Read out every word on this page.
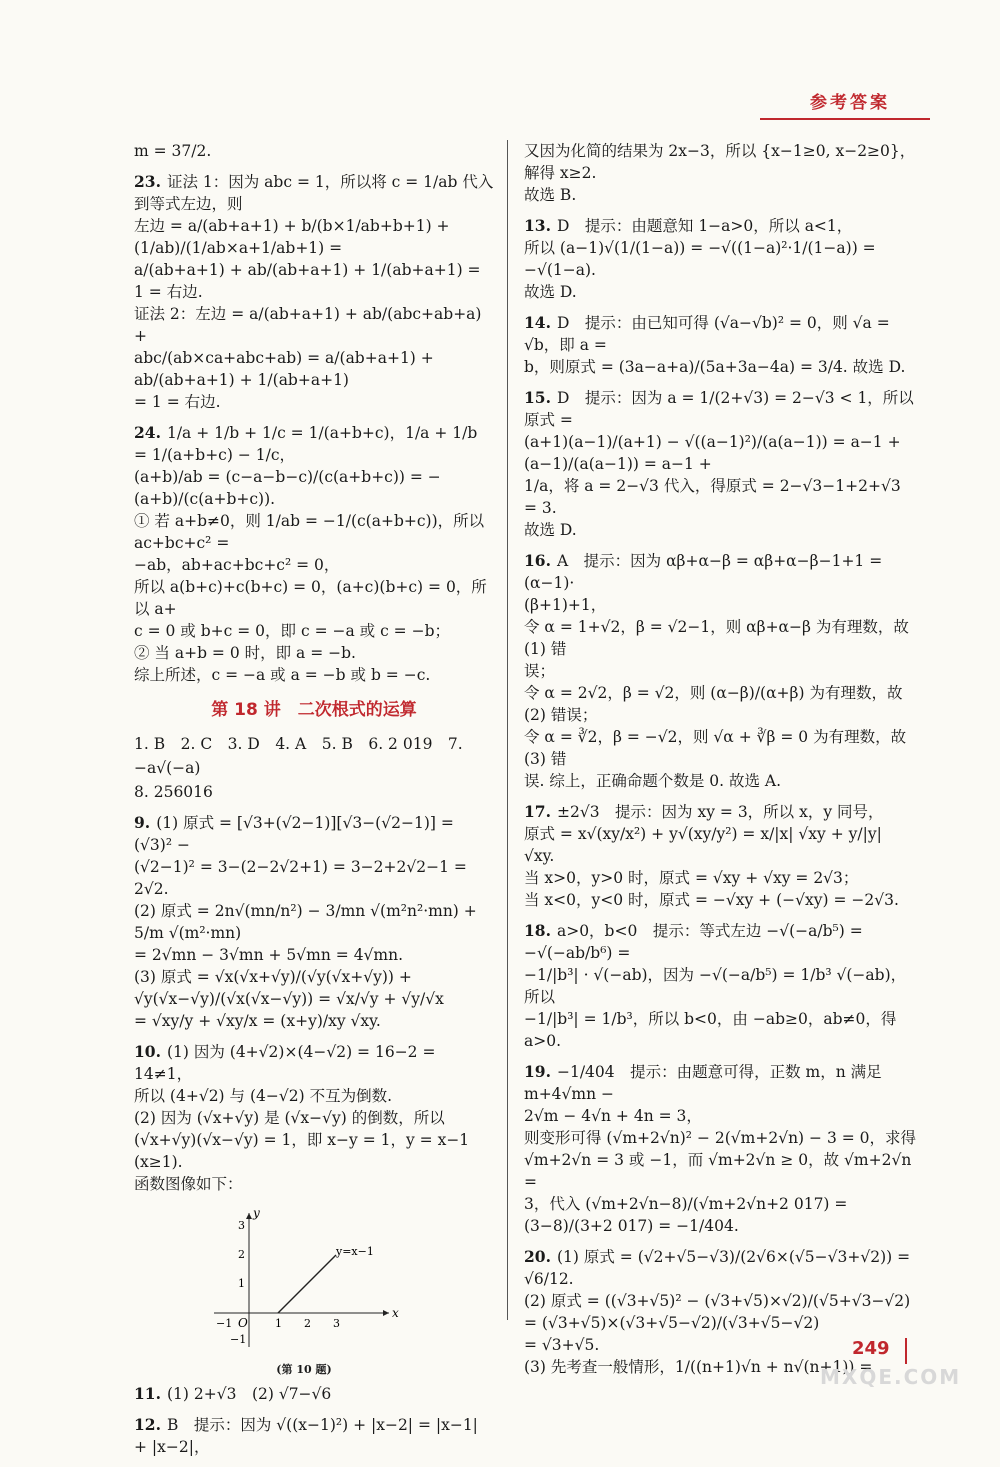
参考答案
m = 37/2.
23. 证法 1：因为 abc = 1，所以将 c = 1/ab 代入到等式左边，则
左边 = a/(ab+a+1) + b/(b×1/ab+b+1) + (1/ab)/(1/ab×a+1/ab+1) =
a/(ab+a+1) + ab/(ab+a+1) + 1/(ab+a+1) = 1 = 右边.
证法 2：左边 = a/(ab+a+1) + ab/(abc+ab+a) +
abc/(ab×ca+abc+ab) = a/(ab+a+1) + ab/(ab+a+1) + 1/(ab+a+1)
= 1 = 右边.
24. 1/a + 1/b + 1/c = 1/(a+b+c)，1/a + 1/b = 1/(a+b+c) − 1/c，
(a+b)/ab = (c−a−b−c)/(c(a+b+c)) = −(a+b)/(c(a+b+c)).
① 若 a+b≠0，则 1/ab = −1/(c(a+b+c))，所以 ac+bc+c² =
−ab，ab+ac+bc+c² = 0，
所以 a(b+c)+c(b+c) = 0，(a+c)(b+c) = 0，所以 a+
c = 0 或 b+c = 0，即 c = −a 或 c = −b；
② 当 a+b = 0 时，即 a = −b.
综上所述，c = −a 或 a = −b 或 b = −c.
第 18 讲　二次根式的运算
1. B　2. C　3. D　4. A　5. B　6. 2 019　7. −a√(−a)
8. 256016
9. (1) 原式 = [√3+(√2−1)][√3−(√2−1)] = (√3)² −
(√2−1)² = 3−(2−2√2+1) = 3−2+2√2−1 = 2√2.
(2) 原式 = 2n√(mn/n²) − 3/mn √(m²n²·mn) + 5/m √(m²·mn)
= 2√mn − 3√mn + 5√mn = 4√mn.
(3) 原式 = √x(√x+√y)/(√y(√x+√y)) + √y(√x−√y)/(√x(√x−√y)) = √x/√y + √y/√x
= √xy/y + √xy/x = (x+y)/xy √xy.
10. (1) 因为 (4+√2)×(4−√2) = 16−2 = 14≠1，
所以 (4+√2) 与 (4−√2) 不互为倒数.
(2) 因为 (√x+√y) 是 (√x−√y) 的倒数，所以
(√x+√y)(√x−√y) = 1，即 x−y = 1，y = x−1 (x≥1).
函数图像如下：
x
y
O
y=x−1
−1	1 2 3
1
2
3
−1
(第 10 题)
11. (1) 2+√3　(2) √7−√6
12. B　提示：因为 √((x−1)²) + |x−2| = |x−1| + |x−2|，
又因为化简的结果为 2x−3，所以 {x−1≥0, x−2≥0}，解得 x≥2.
故选 B.
13. D　提示：由题意知 1−a>0，所以 a<1，
所以 (a−1)√(1/(1−a)) = −√((1−a)²·1/(1−a)) = −√(1−a).
故选 D.
14. D　提示：由已知可得 (√a−√b)² = 0，则 √a = √b，即 a =
b，则原式 = (3a−a+a)/(5a+3a−4a) = 3/4. 故选 D.
15. D　提示：因为 a = 1/(2+√3) = 2−√3 < 1，所以原式 =
(a+1)(a−1)/(a+1) − √((a−1)²)/(a(a−1)) = a−1 + (a−1)/(a(a−1)) = a−1 +
1/a，将 a = 2−√3 代入，得原式 = 2−√3−1+2+√3 = 3.
故选 D.
16. A　提示：因为 αβ+α−β = αβ+α−β−1+1 = (α−1)·
(β+1)+1，
令 α = 1+√2，β = √2−1，则 αβ+α−β 为有理数，故 (1) 错
误；
令 α = 2√2，β = √2，则 (α−β)/(α+β) 为有理数，故 (2) 错误；
令 α = ∛2，β = −√2，则 √α + ∛β = 0 为有理数，故 (3) 错
误. 综上，正确命题个数是 0. 故选 A.
17. ±2√3　提示：因为 xy = 3，所以 x，y 同号，
原式 = x√(xy/x²) + y√(xy/y²) = x/|x| √xy + y/|y| √xy.
当 x>0，y>0 时，原式 = √xy + √xy = 2√3；
当 x<0，y<0 时，原式 = −√xy + (−√xy) = −2√3.
18. a>0，b<0　提示：等式左边 −√(−a/b⁵) = −√(−ab/b⁶) =
−1/|b³| · √(−ab)，因为 −√(−a/b⁵) = 1/b³ √(−ab)，所以
−1/|b³| = 1/b³，所以 b<0，由 −ab≥0，ab≠0，得 a>0.
19. −1/404　提示：由题意可得，正数 m，n 满足 m+4√mn −
2√m − 4√n + 4n = 3，
则变形可得 (√m+2√n)² − 2(√m+2√n) − 3 = 0，求得
√m+2√n = 3 或 −1，而 √m+2√n ≥ 0，故 √m+2√n =
3，代入 (√m+2√n−8)/(√m+2√n+2 017) = (3−8)/(3+2 017) = −1/404.
20. (1) 原式 = (√2+√5−√3)/(2√6×(√5−√3+√2)) = √6/12.
(2) 原式 = ((√3+√5)² − (√3+√5)×√2)/(√5+√3−√2)
= (√3+√5)×(√3+√5−√2)/(√3+√5−√2)
= √3+√5.
(3) 先考查一般情形，1/((n+1)√n + n√(n+1)) =
249
MXQE.COM
